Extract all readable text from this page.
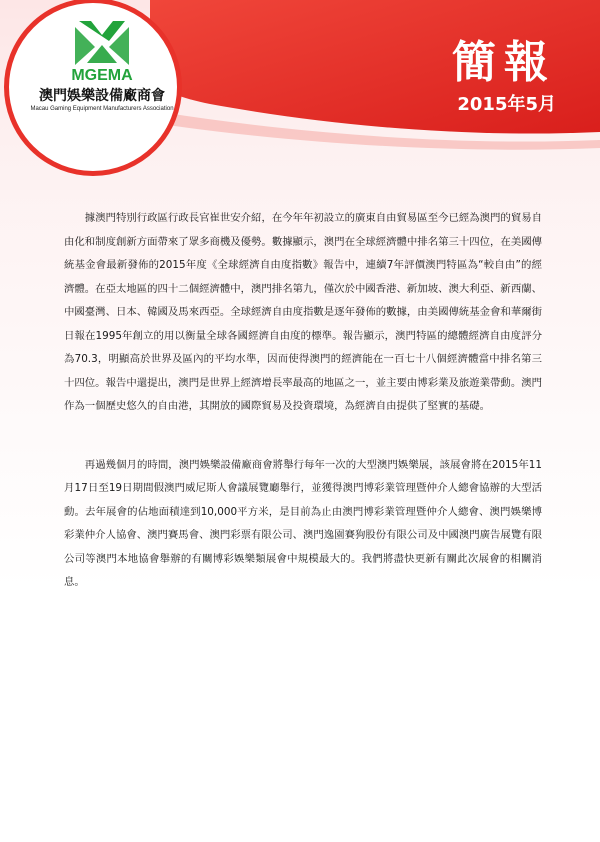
MGEMA
澳門娛樂設備廠商會
Macau Gaming Equipment Manufacturers Association
簡報
2015年5月

據澳門特別行政區行政長官崔世安介紹，在今年年初設立的廣東自由貿易區至今已經為澳門的貿易自由化和制度創新方面帶來了眾多商機及優勢。數據顯示，澳門在全球經濟體中排名第三十四位，在美國傳統基金會最新發佈的2015年度《全球經濟自由度指數》報告中，連續7年評價澳門特區為“較自由”的經濟體。在亞太地區的四十二個經濟體中，澳門排名第九，僅次於中國香港、新加坡、澳大利亞、新西蘭、中國臺灣、日本、韓國及馬來西亞。全球經濟自由度指數是逐年發佈的數據，由美國傳統基金會和華爾街日報在1995年創立的用以衡量全球各國經濟自由度的標準。報告顯示，澳門特區的總體經濟自由度評分為70.3，明顯高於世界及區內的平均水準，因而使得澳門的經濟能在一百七十八個經濟體當中排名第三十四位。報告中還提出，澳門是世界上經濟增長率最高的地區之一，並主要由博彩業及旅遊業帶動。澳門作為一個歷史悠久的自由港，其開放的國際貿易及投資環境，為經濟自由提供了堅實的基礎。

再過幾個月的時間，澳門娛樂設備廠商會將舉行每年一次的大型澳門娛樂展，該展會將在2015年11月17日至19日期間假澳門威尼斯人會議展覽廳舉行，並獲得澳門博彩業管理暨仲介人總會協辦的大型活動。去年展會的佔地面積達到10,000平方米，是目前為止由澳門博彩業管理暨仲介人總會、澳門娛樂博彩業仲介人協會、澳門賽馬會、澳門彩票有限公司、澳門逸園賽狗股份有限公司及中國澳門廣告展覽有限公司等澳門本地協會舉辦的有關博彩娛樂類展會中規模最大的。我們將盡快更新有關此次展會的相關消息。
